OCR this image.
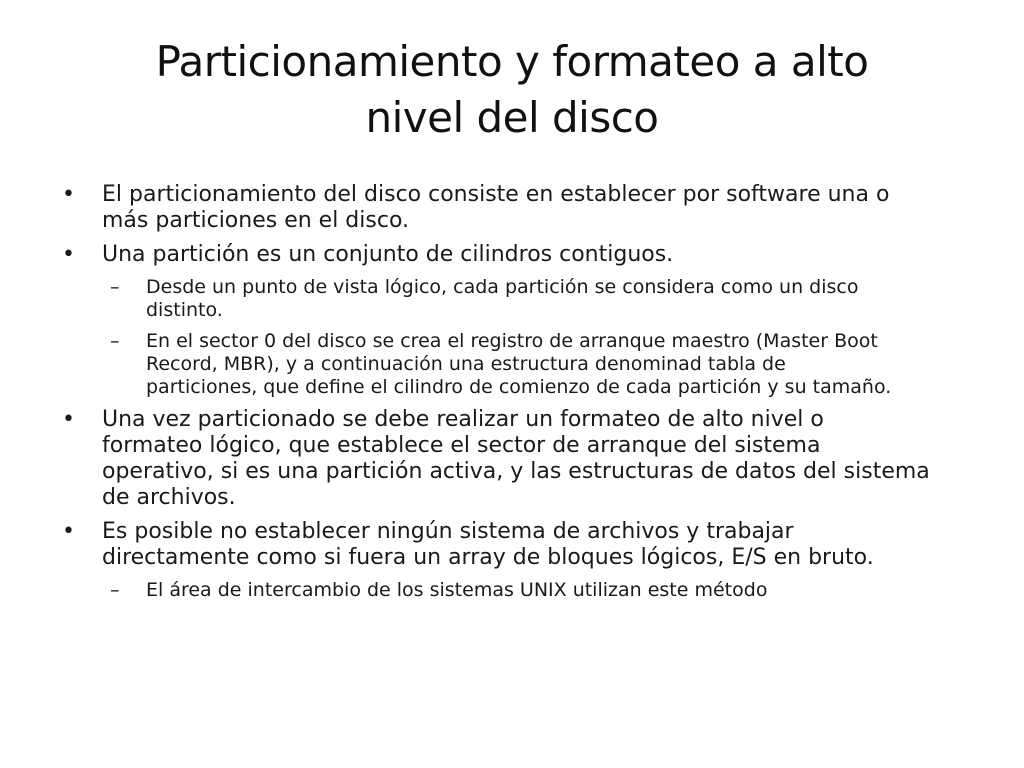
Particionamiento y formateo a alto
nivel del disco
•	El particionamiento del disco consiste en establecer por software una o
más particiones en el disco.
•	Una partición es un conjunto de cilindros contiguos.
–	Desde un punto de vista lógico, cada partición se considera como un disco
distinto.
–	En el sector 0 del disco se crea el registro de arranque maestro (Master Boot
Record, MBR), y a continuación una estructura denominad tabla de
particiones, que define el cilindro de comienzo de cada partición y su tamaño.
•	Una vez particionado se debe realizar un formateo de alto nivel o
formateo lógico, que establece el sector de arranque del sistema
operativo, si es una partición activa, y las estructuras de datos del sistema
de archivos.
•	Es posible no establecer ningún sistema de archivos y trabajar
directamente como si fuera un array de bloques lógicos, E/S en bruto.
–	El área de intercambio de los sistemas UNIX utilizan este método
